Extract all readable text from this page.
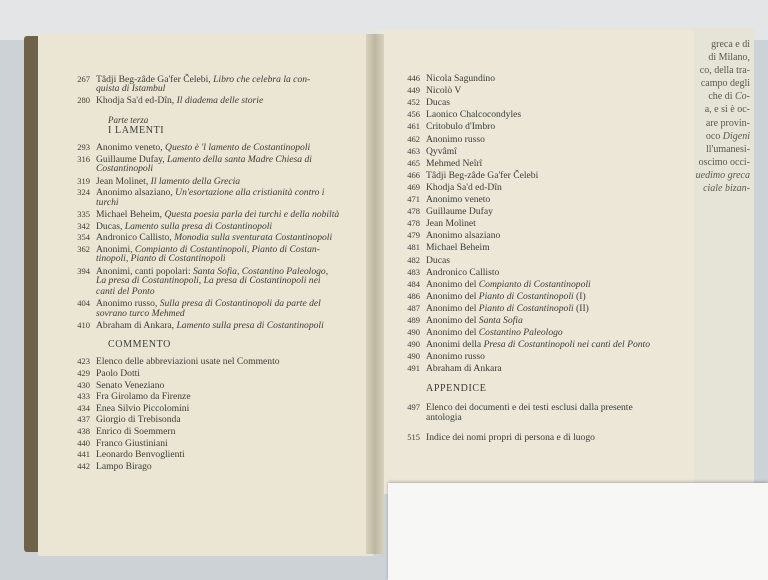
greca e di
di Milano,
co, della tra-
campo degli
che di Co-
a, e si è oc-
are provin-
oco Digeni
ll'umanesi-
oscimo occi-
uedimo greca
ciale bizan-
267 Tâdji Beg-zâde Ga'fer Čelebi, Libro che celebra la con-
quista di Istambul
280 Khodja Sa'd ed-Dîn, Il diadema delle storie
Parte terza
I LAMENTI
293 Anonimo veneto, Questo è 'l lamento de Costantinopoli
316 Guillaume Dufay, Lamento della santa Madre Chiesa di
Costantinopoli
319 Jean Molinet, Il lamento della Grecia
324 Anonimo alsaziano, Un'esortazione alla cristianità contro i
turchi
335 Michael Beheim, Questa poesia parla dei turchi e della nobiltà
342 Ducas, Lamento sulla presa di Costantinopoli
354 Andronico Callisto, Monodia sulla sventurata Costantinopoli
362 Anonimi, Compianto di Costantinopoli, Pianto di Costan-
tinopoli, Pianto di Costantinopoli
394 Anonimi, canti popolari: Santa Sofia, Costantino Paleologo,
La presa di Costantinopoli, La presa di Costantinopoli nei
canti del Ponto
404 Anonimo russo, Sulla presa di Costantinopoli da parte del
sovrano turco Mehmed
410 Abraham di Ankara, Lamento sulla presa di Costantinopoli
COMMENTO
423 Elenco delle abbreviazioni usate nel Commento
429 Paolo Dotti
430 Senato Veneziano
433 Fra Girolamo da Firenze
434 Enea Silvio Piccolomini
437 Giorgio di Trebisonda
438 Enrico di Soemmern
440 Franco Giustiniani
441 Leonardo Benvoglienti
442 Lampo Birago
446 Nicola Sagundino
449 Nicolò V
452 Ducas
456 Laonico Chalcocondyles
461 Critobulo d'Imbro
462 Anonimo russo
463 Qyvâmî
465 Mehmed Neîrî
466 Tâdji Beg-zâde Ga'fer Čelebi
469 Khodja Sa'd ed-Dîn
471 Anonimo veneto
478 Guillaume Dufay
478 Jean Molinet
479 Anonimo alsaziano
481 Michael Beheim
482 Ducas
483 Andronico Callisto
484 Anonimo del Compianto di Costantinopoli
486 Anonimo del Pianto di Costantinopoli (I)
487 Anonimo del Pianto di Costantinopoli (II)
489 Anonimo del Santa Sofia
490 Anonimo del Costantino Paleologo
490 Anonimi della Presa di Costantinopoli nei canti del Ponto
490 Anonimo russo
491 Abraham di Ankara
APPENDICE
497 Elenco dei documenti e dei testi esclusi dalla presente
antologia
515 Indice dei nomi propri di persona e di luogo
